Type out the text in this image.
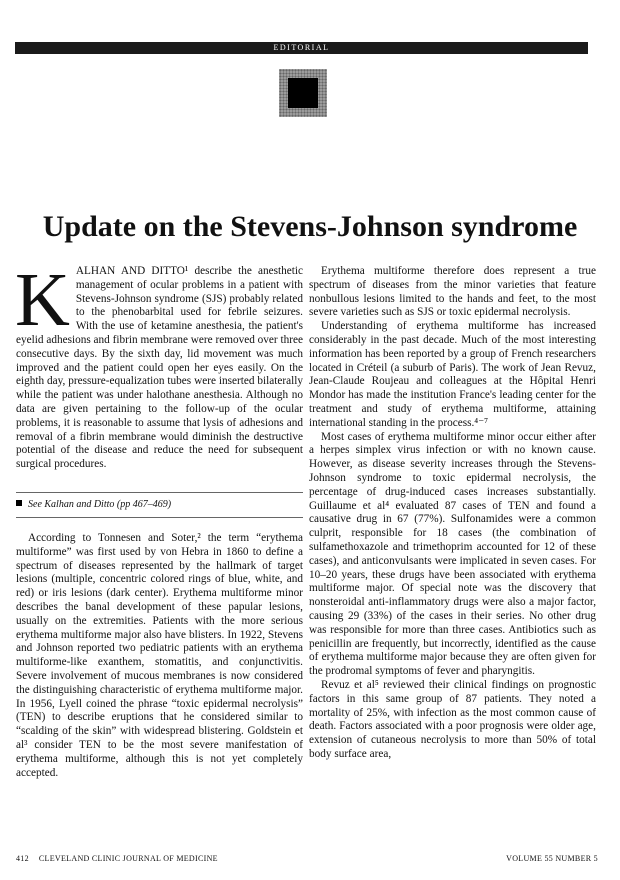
EDITORIAL
Update on the Stevens-Johnson syndrome

KALHAN AND DITTO¹ describe the anesthetic management of ocular problems in a patient with Stevens-Johnson syndrome (SJS) probably related to the phenobarbital used for febrile seizures. With the use of ketamine anesthesia, the patient's eyelid adhesions and fibrin membrane were removed over three consecutive days. By the sixth day, lid movement was much improved and the patient could open her eyes easily. On the eighth day, pressure-equalization tubes were inserted bilaterally while the patient was under halothane anesthesia. Although no data are given pertaining to the follow-up of the ocular problems, it is reasonable to assume that lysis of adhesions and removal of a fibrin membrane would diminish the destructive potential of the disease and reduce the need for subsequent surgical procedures.

See Kalhan and Ditto (pp 467–469)

According to Tonnesen and Soter,² the term “erythema multiforme” was first used by von Hebra in 1860 to define a spectrum of diseases represented by the hallmark of target lesions (multiple, concentric colored rings of blue, white, and red) or iris lesions (dark center). Erythema multiforme minor describes the banal development of these papular lesions, usually on the extremities. Patients with the more serious erythema multiforme major also have blisters. In 1922, Stevens and Johnson reported two pediatric patients with an erythema multiforme-like exanthem, stomatitis, and conjunctivitis. Severe involvement of mucous membranes is now considered the distinguishing characteristic of erythema multiforme major. In 1956, Lyell coined the phrase “toxic epidermal necrolysis” (TEN) to describe eruptions that he considered similar to “scalding of the skin” with widespread blistering. Goldstein et al³ consider TEN to be the most severe manifestation of erythema multiforme, although this is not yet completely accepted.

Erythema multiforme therefore does represent a true spectrum of diseases from the minor varieties that feature nonbullous lesions limited to the hands and feet, to the most severe varieties such as SJS or toxic epidermal necrolysis.

Understanding of erythema multiforme has increased considerably in the past decade. Much of the most interesting information has been reported by a group of French researchers located in Créteil (a suburb of Paris). The work of Jean Revuz, Jean-Claude Roujeau and colleagues at the Hôpital Henri Mondor has made the institution France's leading center for the treatment and study of erythema multiforme, attaining international standing in the process.⁴⁻⁷

Most cases of erythema multiforme minor occur either after a herpes simplex virus infection or with no known cause. However, as disease severity increases through the Stevens-Johnson syndrome to toxic epidermal necrolysis, the percentage of drug-induced cases increases substantially. Guillaume et al⁴ evaluated 87 cases of TEN and found a causative drug in 67 (77%). Sulfonamides were a common culprit, responsible for 18 cases (the combination of sulfamethoxazole and trimethoprim accounted for 12 of these cases), and anticonvulsants were implicated in seven cases. For 10–20 years, these drugs have been associated with erythema multiforme major. Of special note was the discovery that nonsteroidal anti-inflammatory drugs were also a major factor, causing 29 (33%) of the cases in their series. No other drug was responsible for more than three cases. Antibiotics such as penicillin are frequently, but incorrectly, identified as the cause of erythema multiforme major because they are often given for the prodromal symptoms of fever and pharyngitis.

Revuz et al⁵ reviewed their clinical findings on prognostic factors in this same group of 87 patients. They noted a mortality of 25%, with infection as the most common cause of death. Factors associated with a poor prognosis were older age, extension of cutaneous necrolysis to more than 50% of total body surface area,

412 CLEVELAND CLINIC JOURNAL OF MEDICINE	VOLUME 55 NUMBER 5
